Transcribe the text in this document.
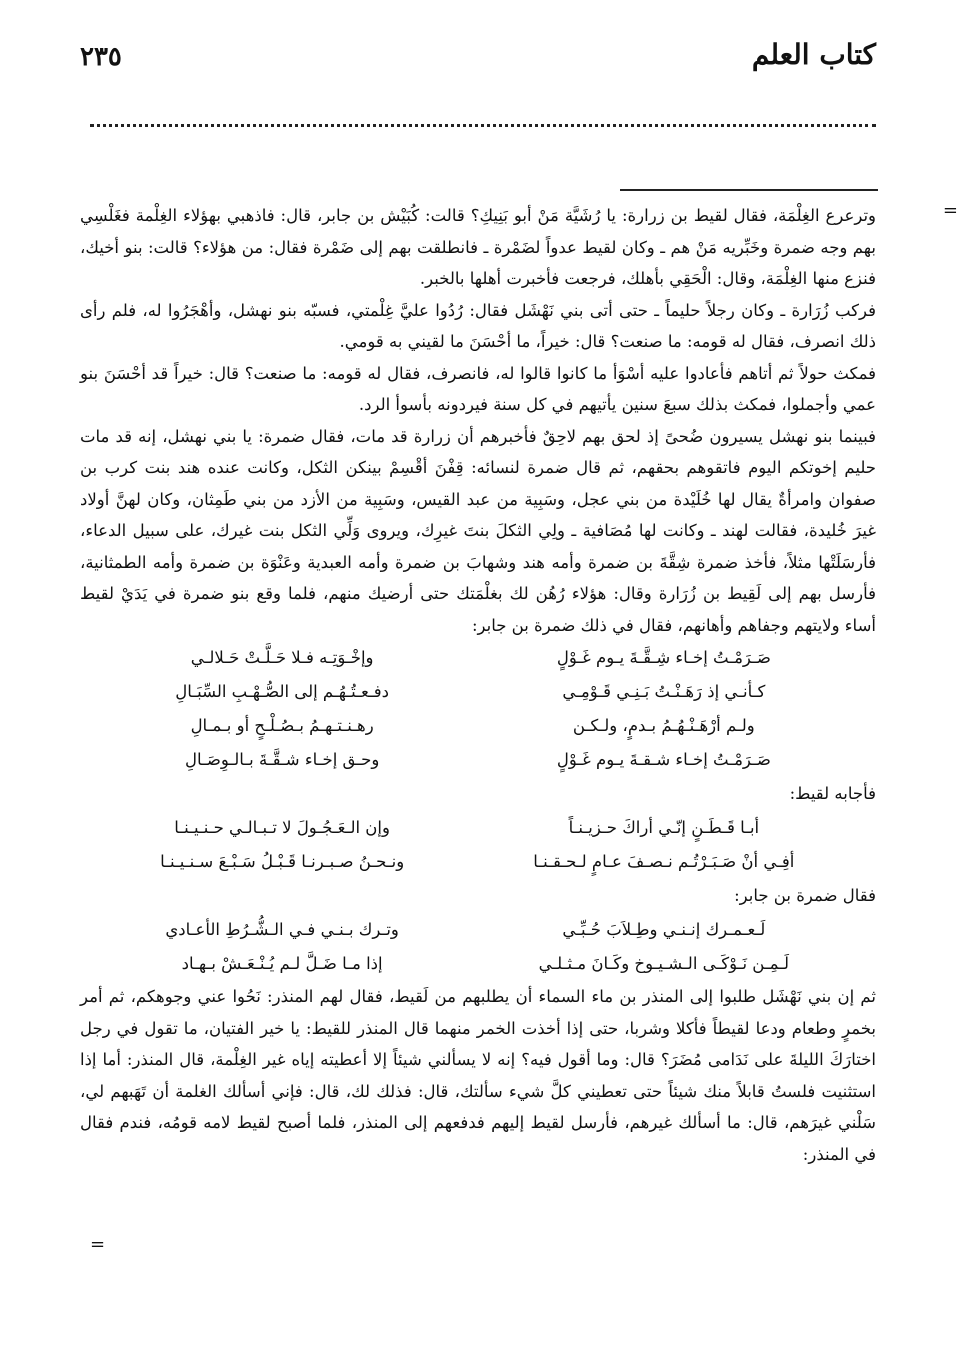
كتاب العلم
٢٣٥
=

وترعرع الغِلْمَة، فقال لقيط بن زرارة: يا رُشَيَّة مَنْ أبو بَنِيكِ؟ قالت: كُبَيْش بن جابر، قال: فاذهبي بهؤلاء الغِلْمة فغَلْسِي بهم وجه ضمرة وخَبِّريه مَنْ هم ـ وكان لقيط عدواً لضَمْرة ـ فانطلقت بهم إلى ضَمْرة فقال: من هؤلاء؟ قالت: بنو أخيك، فنزع منها الغِلْمَة، وقال: الْحَقِي بأهلك، فرجعت فأخبرت أهلها بالخبر.

فركب زُرَارة ـ وكان رجلاً حليماً ـ حتى أتى بني نَهْشَل فقال: رُدُوا عليَّ غِلْمتي، فسبّه بنو نهشل، وأهْجَرُوا له، فلم رأى ذلك انصرف، فقال له قومه: ما صنعت؟ قال: خيراً، ما أحْسَنَ ما لقيني به قومي.

فمكث حولاً ثم أتاهم فأعادوا عليه أسْوَأ ما كانوا قالوا له، فانصرف، فقال له قومه: ما صنعت؟ قال: خيراً قد أحْسَنَ بنو عمي وأجملوا، فمكث بذلك سبعَ سنين يأتيهم في كل سنة فيردونه بأسوأ الرد.

فبينما بنو نهشل يسيرون ضُحىً إذ لحق بهم لاحِقٌ فأخبرهم أن زرارة قد مات، فقال ضمرة: يا بني نهشل، إنه قد مات حليم إخوتكم اليوم فاتقوهم بحقهم، ثم قال ضمرة لنسائه: قِفْنَ أقْسِمْ بينكن الثكل، وكانت عنده هند بنت كرب بن صفوان وامرأةٌ يقال لها خُلَيْدة من بني عجل، وسَبِية من عبد القيس، وسَبِية من الأزد من بني طَمِثان، وكان لهنَّ أولاد غيرَ خُليدة، فقالت لهند ـ وكانت لها مُصَافية ـ ولِي الثكلَ بنتَ غيرِك، ويروى وَلِّي الثكل بنت غيرك، على سبيل الدعاء، فأرسَلَتْها مثلاً، فأخذ ضمرة شِقَّةَ بن ضمرة وأمه هند وشهابَ بن ضمرة وأمه العبدية وعَنْوَة بن ضمرة وأمه الطمثانية، فأرسل بهم إلى لَقِيط بن زُرَارة وقال: هؤلاء رُهُن لك بغلْمَتك حتى أرضيك منهم، فلما وقع بنو ضمرة في يَدَيْ لقيط أساء ولايتهم وجفاهم وأهانهم، فقال في ذلك ضمرة بن جابر:

صَـرَمْـتُ إخـاء شِـقَّـةَ يـوم غَـوْلٍ
وإخْـوَتِـه فـلا حَـلَّـتْ حَـلالـي
كـأنـي إذ رَهَـنْـتُ بَـنِـي قَـوْمِـي
دفـعـتُـهُـم إلى الصُّـهْـبِ السِّبَـالِ
ولـم أرْهَـنْـهُـمُ بـدمٍ، ولـكـن
رهـنـتـهـمُ بـصُـلْـحٍ أو بـمـالِ
صَـرَمْـتُ إخـاء شـقـةَ يـوم غَـوْلٍ
وحـق إخـاء شـقَّـةَ بـالـوِصَـالِ

فأجابه لقيط:

أبـا قَـطَـنٍ إنّـي أراكَ حـزيـنـاً
وإن الـعَـجُـولَ لا تـبـالـي حـنـيـنـا
أفِـي أنْ صَـبَـرْتُـم نـصـفَ عـامٍ لـحـقـنـا
ونـحـنُ صـبـرنـا قَـبْـلُ سَـبْـعَ سـنـيـنـا

فقال ضمرة بن جابر:

لَـعـمـرك إنـنـي وطِـلاَبَ حُـبِّـي
وتـرك بـنـي فـي الـشُّـرُطِ الأعـادي
لَـمِـن نَـوْكَـى الـشـيـوخ وكَـانَ مـثـلـي
إذا مـا ضَـلَّ لـم يُـنْـعَـشْ بـهـاد

ثم إن بني نَهْشَل طلبوا إلى المنذر بن ماء السماء أن يطلبهم من لَقيط، فقال لهم المنذر: نَحُوا عني وجوهكم، ثم أمر بخمرٍ وطعام ودعا لقيطاً فأكلا وشربا، حتى إذا أخذت الخمر منهما قال المنذر للقيط: يا خير الفتيان، ما تقول في رجل اختارَكَ الليلةَ على نَدَامى مُضَرَ؟ قال: وما أقول فيه؟ إنه لا يسألني شيئاً إلا أعطيته إياه غير الغِلْمة، قال المنذر: أما إذا استثنيت فلستُ قابلاً منك شيئاً حتى تعطيني كلَّ شيء سألتك، قال: فذلك لك، قال: فإني أسألك الغلمة أن تَهَبهم لي، سَلْني غيرَهم، قال: ما أسألك غيرهم، فأرسل لقيط إليهم فدفعهم إلى المنذر، فلما أصبح لقيط لامه قومُه، فندم فقال في المنذر:

=
